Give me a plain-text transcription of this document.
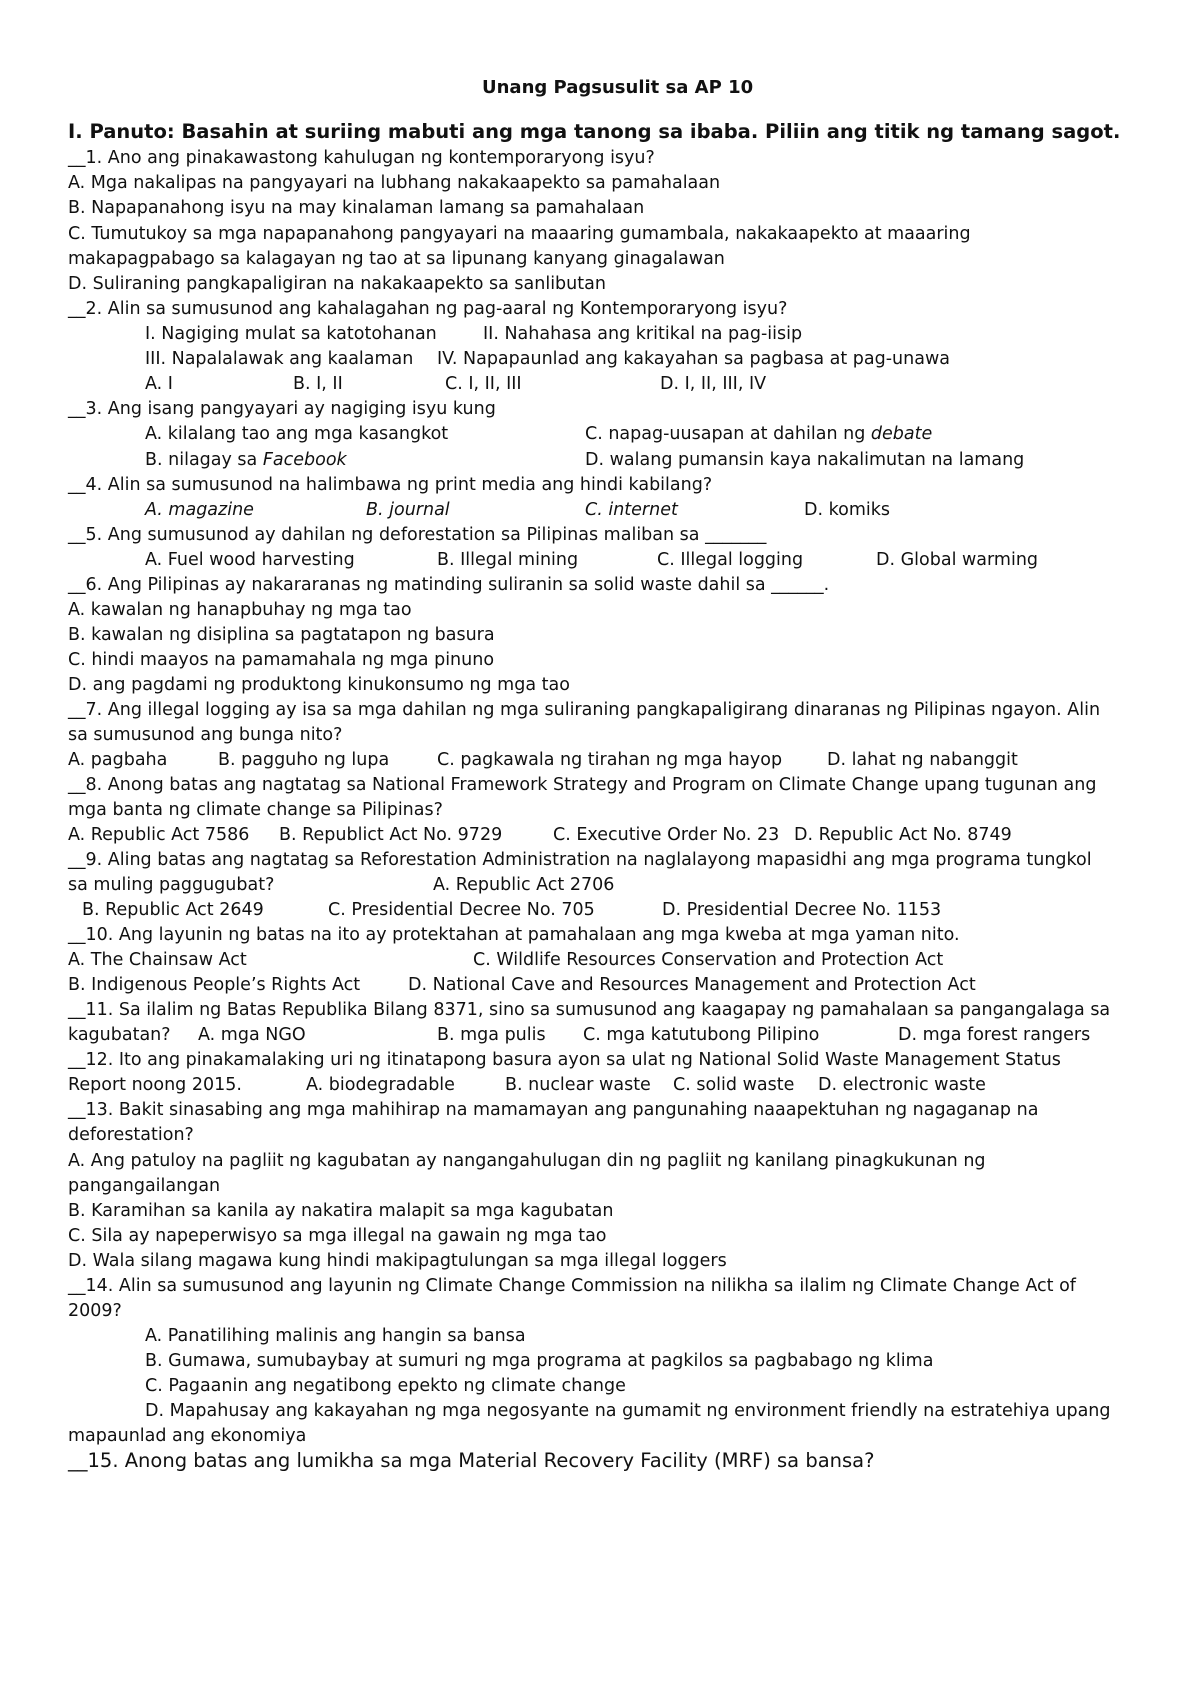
Unang Pagsusulit sa AP 10
I. Panuto: Basahin at suriing mabuti ang mga tanong sa ibaba. Piliin ang titik ng tamang sagot.
__1. Ano ang pinakawastong kahulugan ng kontemporaryong isyu?
A. Mga nakalipas na pangyayari na lubhang nakakaapekto sa pamahalaan
B. Napapanahong isyu na may kinalaman lamang sa pamahalaan
C. Tumutukoy sa mga napapanahong pangyayari na maaaring gumambala, nakakaapekto at maaaring
makapagpabago sa kalagayan ng tao at sa lipunang kanyang ginagalawan
D. Suliraning pangkapaligiran na nakakaapekto sa sanlibutan
__2. Alin sa sumusunod ang kahalagahan ng pag-aaral ng Kontemporaryong isyu?
I. Nagiging mulat sa katotohanan	II. Nahahasa ang kritikal na pag-iisip
III. Napalalawak ang kaalaman IV. Napapaunlad ang kakayahan sa pagbasa at pag-unawa
A. I	B. I, II	C. I, II, III	D. I, II, III, IV
__3. Ang isang pangyayari ay nagiging isyu kung
A. kilalang tao ang mga kasangkot	C. napag-uusapan at dahilan ng debate
B. nilagay sa Facebook	D. walang pumansin kaya nakalimutan na lamang
__4. Alin sa sumusunod na halimbawa ng print media ang hindi kabilang?
A. magazine	B. journal	C. internet	D. komiks
__5. Ang sumusunod ay dahilan ng deforestation sa Pilipinas maliban sa _______
A. Fuel wood harvesting	B. Illegal mining	C. Illegal logging	D. Global warming
__6. Ang Pilipinas ay nakararanas ng matinding suliranin sa solid waste dahil sa ______.
A. kawalan ng hanapbuhay ng mga tao
B. kawalan ng disiplina sa pagtatapon ng basura
C. hindi maayos na pamamahala ng mga pinuno
D. ang pagdami ng produktong kinukonsumo ng mga tao
__7. Ang illegal logging ay isa sa mga dahilan ng mga suliraning pangkapaligirang dinaranas ng Pilipinas ngayon. Alin
sa sumusunod ang bunga nito?
A. pagbaha	B. pagguho ng lupa	C. pagkawala ng tirahan ng mga hayop	D. lahat ng nabanggit
__8. Anong batas ang nagtatag sa National Framework Strategy and Program on Climate Change upang tugunan ang
mga banta ng climate change sa Pilipinas?
A. Republic Act 7586 B. Republict Act No. 9729	C. Executive Order No. 23 D. Republic Act No. 8749
__9. Aling batas ang nagtatag sa Reforestation Administration na naglalayong mapasidhi ang mga programa tungkol
sa muling paggugubat?	A. Republic Act 2706
B. Republic Act 2649	C. Presidential Decree No. 705	D. Presidential Decree No. 1153
__10. Ang layunin ng batas na ito ay protektahan at pamahalaan ang mga kweba at mga yaman nito.
A. The Chainsaw Act	C. Wildlife Resources Conservation and Protection Act
B. Indigenous People’s Rights Act	D. National Cave and Resources Management and Protection Act
__11. Sa ilalim ng Batas Republika Bilang 8371, sino sa sumusunod ang kaagapay ng pamahalaan sa pangangalaga sa
kagubatan? A. mga NGO	B. mga pulis C. mga katutubong Pilipino	D. mga forest rangers
__12. Ito ang pinakamalaking uri ng itinatapong basura ayon sa ulat ng National Solid Waste Management Status
Report noong 2015.	A. biodegradable	B. nuclear waste C. solid waste D. electronic waste
__13. Bakit sinasabing ang mga mahihirap na mamamayan ang pangunahing naaapektuhan ng nagaganap na
deforestation?
A. Ang patuloy na pagliit ng kagubatan ay nangangahulugan din ng pagliit ng kanilang pinagkukunan ng
pangangailangan
B. Karamihan sa kanila ay nakatira malapit sa mga kagubatan
C. Sila ay napeperwisyo sa mga illegal na gawain ng mga tao
D. Wala silang magawa kung hindi makipagtulungan sa mga illegal loggers
__14. Alin sa sumusunod ang layunin ng Climate Change Commission na nilikha sa ilalim ng Climate Change Act of
2009?
A. Panatilihing malinis ang hangin sa bansa
B. Gumawa, sumubaybay at sumuri ng mga programa at pagkilos sa pagbabago ng klima
C. Pagaanin ang negatibong epekto ng climate change
D. Mapahusay ang kakayahan ng mga negosyante na gumamit ng environment friendly na estratehiya upang
mapaunlad ang ekonomiya
__15. Anong batas ang lumikha sa mga Material Recovery Facility (MRF) sa bansa?
